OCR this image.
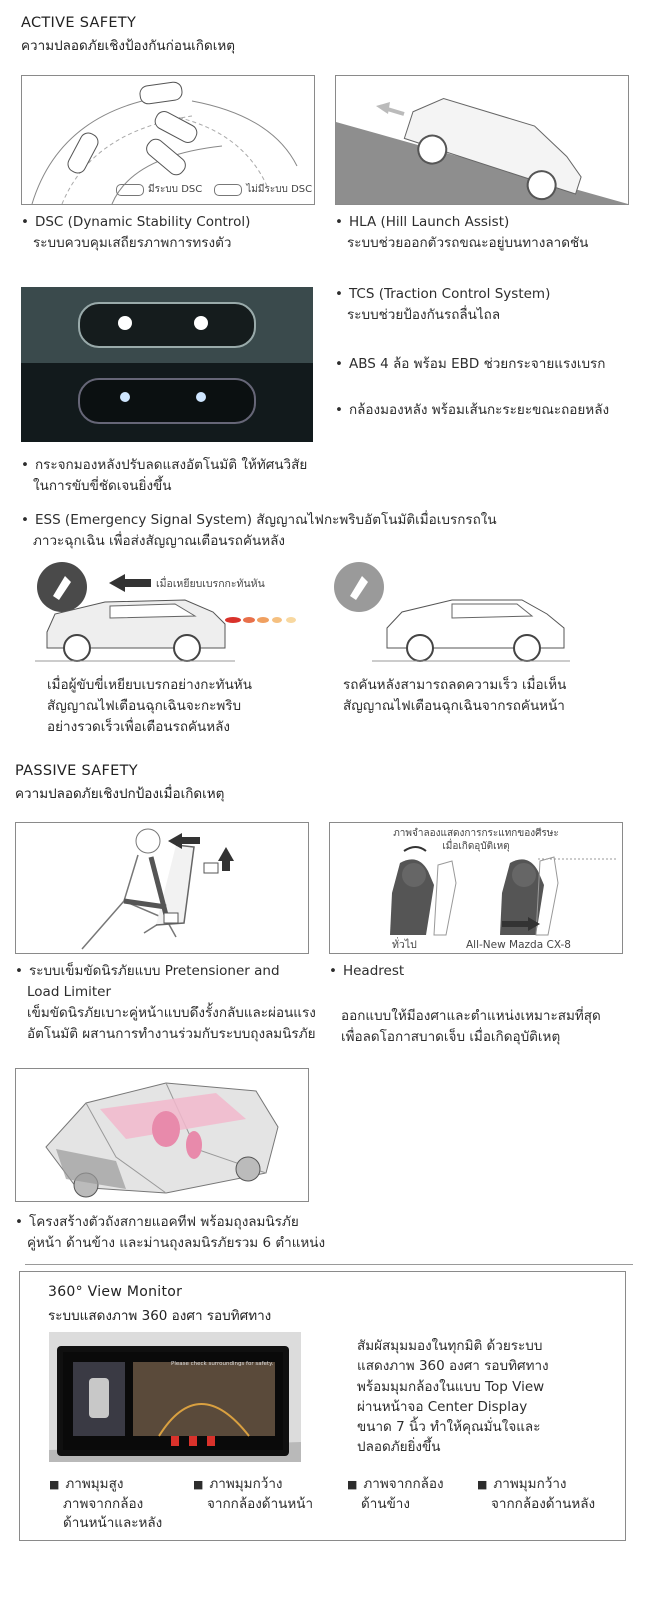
ACTIVE SAFETY
ความปลอดภัยเชิงป้องกันก่อนเกิดเหตุ
มีระบบ DSC	ไม่มีระบบ DSC
• DSC (Dynamic Stability Control)
ระบบควบคุมเสถียรภาพการทรงตัว
• HLA (Hill Launch Assist)
ระบบช่วยออกตัวรถขณะอยู่บนทางลาดชัน
• TCS (Traction Control System)
ระบบช่วยป้องกันรถลื่นไถล
• ABS 4 ล้อ พร้อม EBD ช่วยกระจายแรงเบรก
• กล้องมองหลัง พร้อมเส้นกะระยะขณะถอยหลัง
• กระจกมองหลังปรับลดแสงอัตโนมัติ ให้ทัศนวิสัย
ในการขับขี่ชัดเจนยิ่งขึ้น
• ESS (Emergency Signal System) สัญญาณไฟกะพริบอัตโนมัติเมื่อเบรกรถใน
ภาวะฉุกเฉิน เพื่อส่งสัญญาณเตือนรถคันหลัง
เมื่อเหยียบเบรกกะทันหัน
เมื่อผู้ขับขี่เหยียบเบรกอย่างกะทันหัน
สัญญาณไฟเตือนฉุกเฉินจะกะพริบ
อย่างรวดเร็วเพื่อเตือนรถคันหลัง
รถคันหลังสามารถลดความเร็ว เมื่อเห็น
สัญญาณไฟเตือนฉุกเฉินจากรถคันหน้า
PASSIVE SAFETY
ความปลอดภัยเชิงปกป้องเมื่อเกิดเหตุ
ภาพจำลองแสดงการกระแทกของศีรษะ
เมื่อเกิดอุบัติเหตุ
ทั่วไป	All-New Mazda CX-8
• ระบบเข็มขัดนิรภัยแบบ Pretensioner and
Load Limiter
เข็มขัดนิรภัยเบาะคู่หน้าแบบดึงรั้งกลับและผ่อนแรง
อัตโนมัติ ผสานการทำงานร่วมกับระบบถุงลมนิรภัย
• Headrest
ออกแบบให้มีองศาและตำแหน่งเหมาะสมที่สุด
เพื่อลดโอกาสบาดเจ็บ เมื่อเกิดอุบัติเหตุ
• โครงสร้างตัวถังสกายแอคทีฟ พร้อมถุงลมนิรภัย
คู่หน้า ด้านข้าง และม่านถุงลมนิรภัยรวม 6 ตำแหน่ง
360° View Monitor
ระบบแสดงภาพ 360 องศา รอบทิศทาง
Please check surroundings for safety.
สัมผัสมุมมองในทุกมิติ ด้วยระบบ
แสดงภาพ 360 องศา รอบทิศทาง
พร้อมมุมกล้องในแบบ Top View
ผ่านหน้าจอ Center Display
ขนาด 7 นิ้ว ทำให้คุณมั่นใจและ
ปลอดภัยยิ่งขึ้น
■ ภาพมุมสูง
ภาพจากกล้อง
ด้านหน้าและหลัง
■ ภาพมุมกว้าง
จากกล้องด้านหน้า
■ ภาพจากกล้อง
ด้านข้าง
■ ภาพมุมกว้าง
จากกล้องด้านหลัง
